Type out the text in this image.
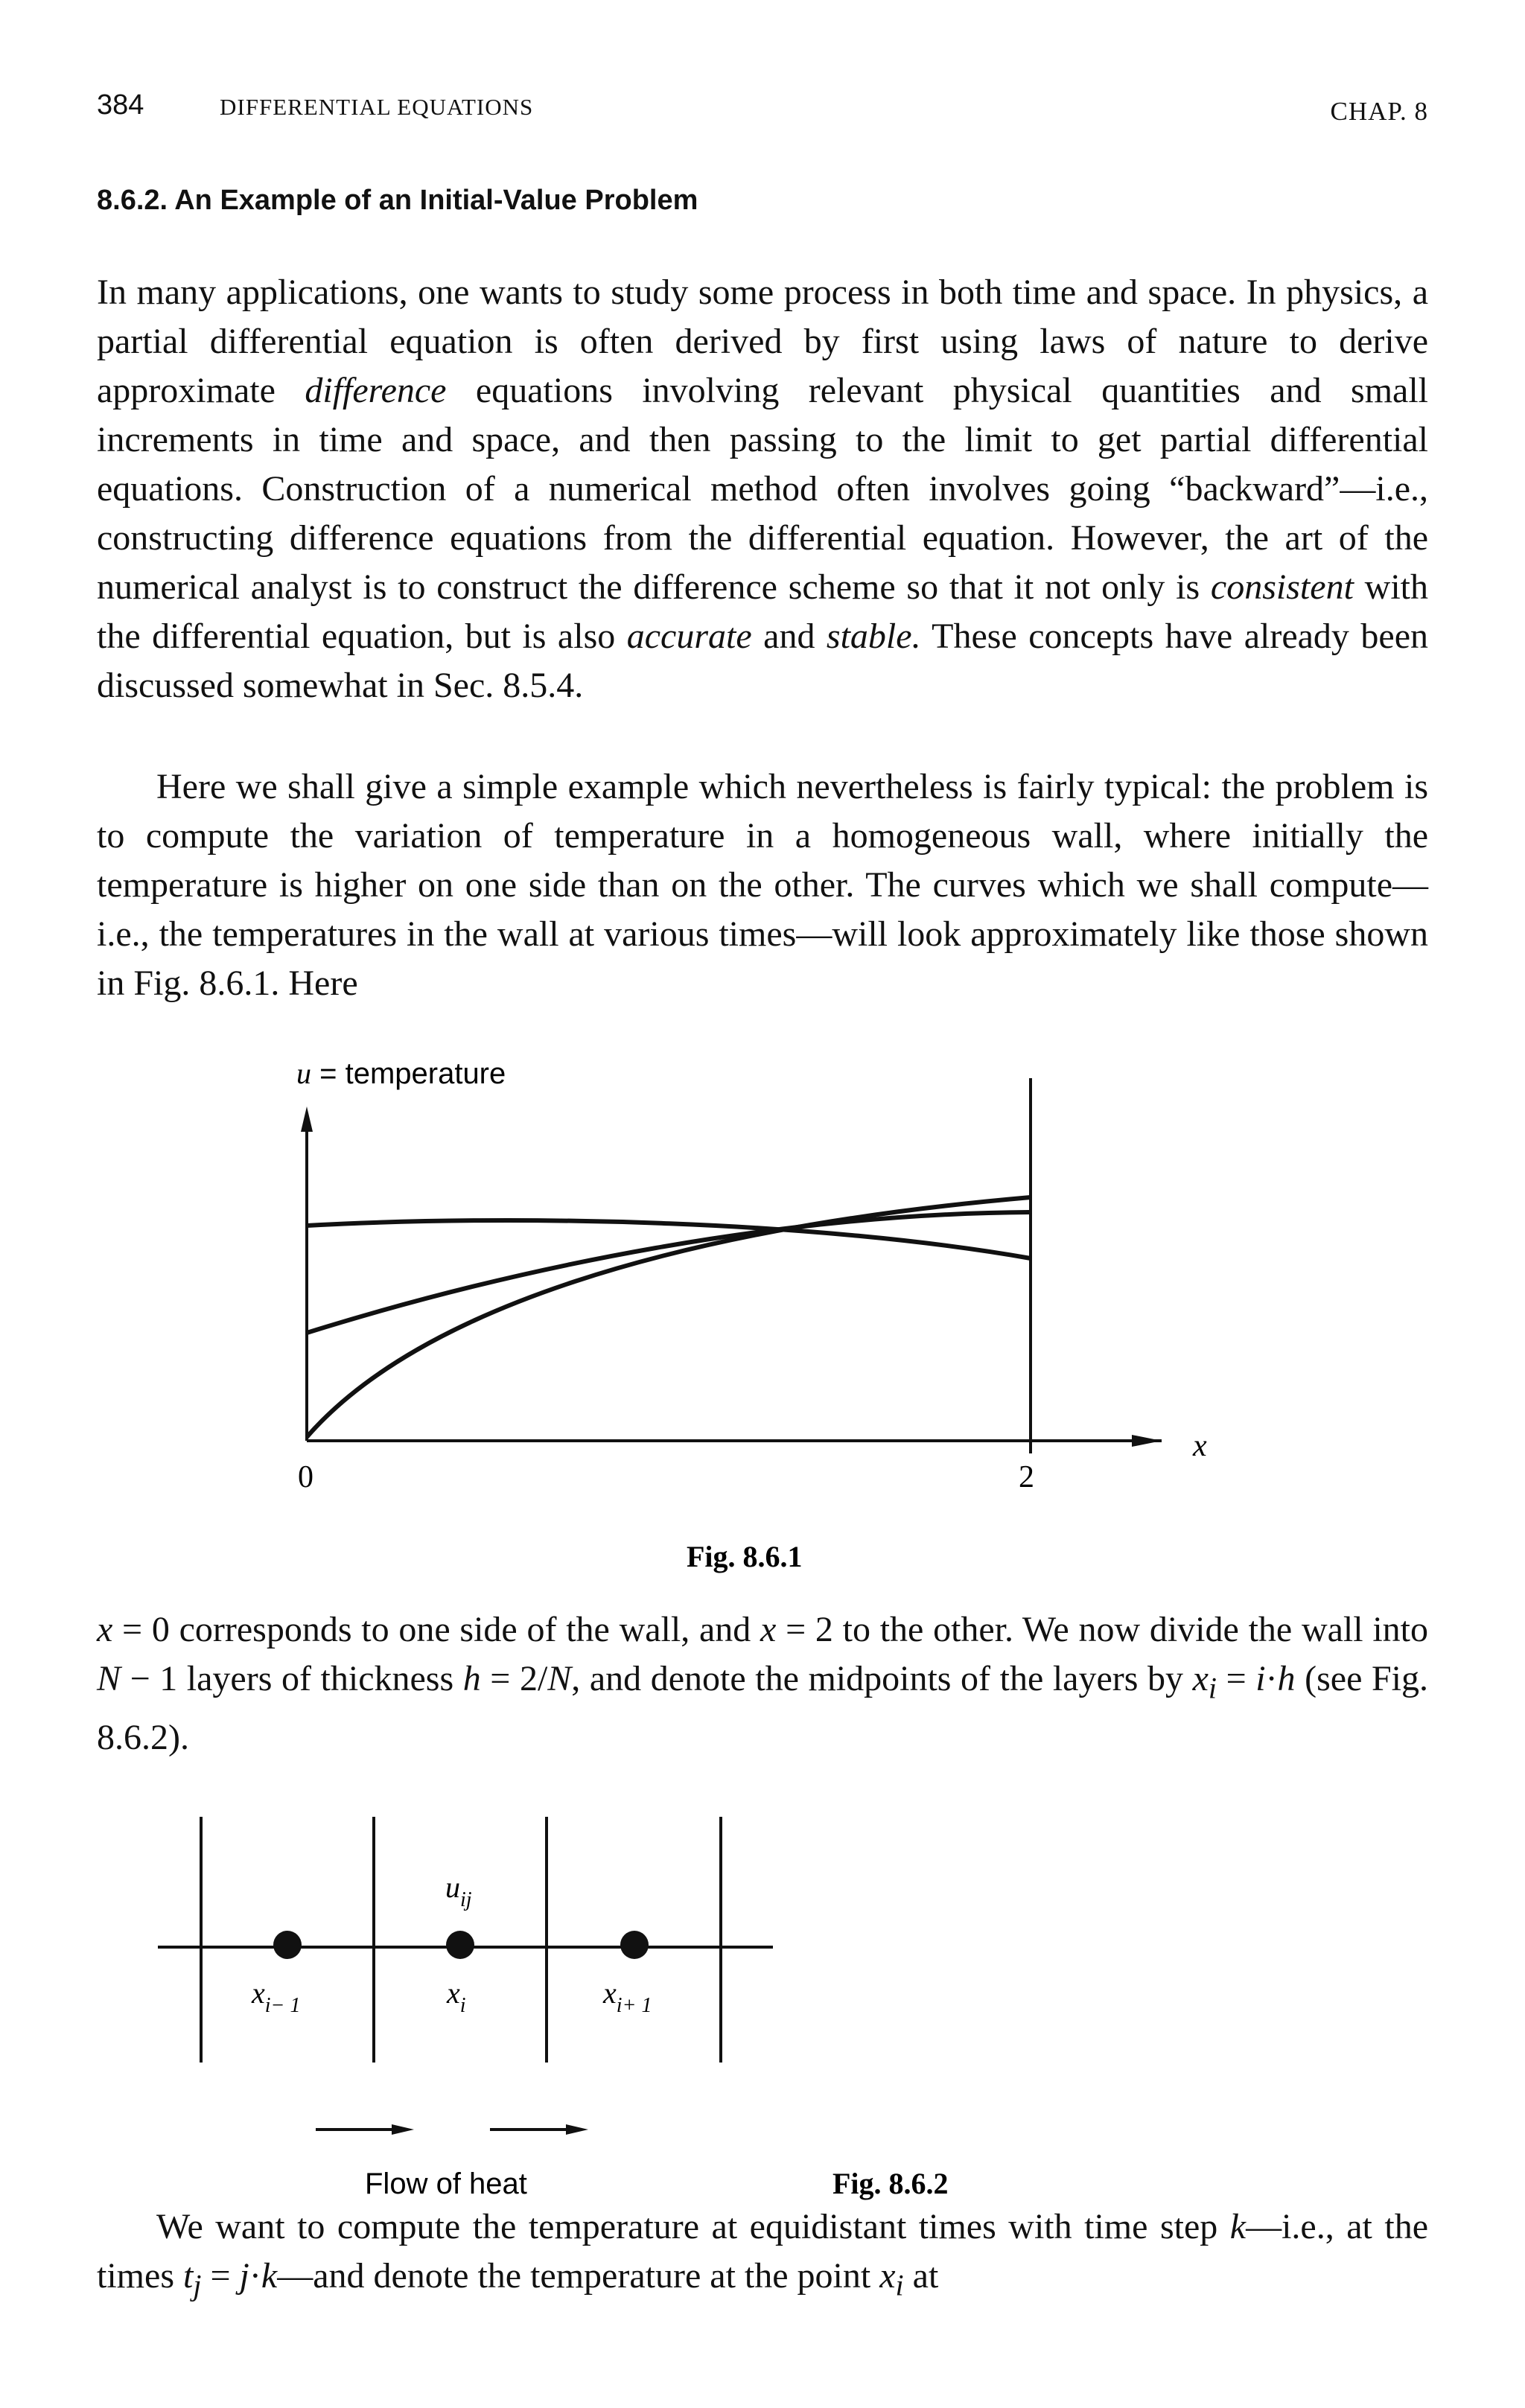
384	DIFFERENTIAL EQUATIONS	CHAP. 8
8.6.2. An Example of an Initial-Value Problem

In many applications, one wants to study some process in both time and space. In physics, a partial differential equation is often derived by first using laws of nature to derive approximate difference equations involving relevant physical quantities and small increments in time and space, and then passing to the limit to get partial differential equations. Construction of a numerical method often involves going “backward”—i.e., constructing difference equations from the differential equation. However, the art of the numerical analyst is to construct the difference scheme so that it not only is consistent with the differential equation, but is also accurate and stable. These concepts have already been discussed somewhat in Sec. 8.5.4.

Here we shall give a simple example which nevertheless is fairly typical: the problem is to compute the variation of temperature in a homogeneous wall, where initially the temperature is higher on one side than on the other. The curves which we shall compute—i.e., the temperatures in the wall at various times—will look approximately like those shown in Fig. 8.6.1. Here

x = 0 corresponds to one side of the wall, and x = 2 to the other. We now divide the wall into N − 1 layers of thickness h = 2/N, and denote the midpoints of the layers by $x_i = i\cdot h$ (see Fig. 8.6.2).

We want to compute the temperature at equidistant times with time step k—i.e., at the times $t_j$ = j·k—and denote the temperature at the point $x_i$ at

u = temperature
x
0	2
Fig. 8.6.1
$u_{ij}$
$x_{i- 1}$	$x_i$	$x_{i+ 1}$
Flow of heat	Fig. 8.6.2
